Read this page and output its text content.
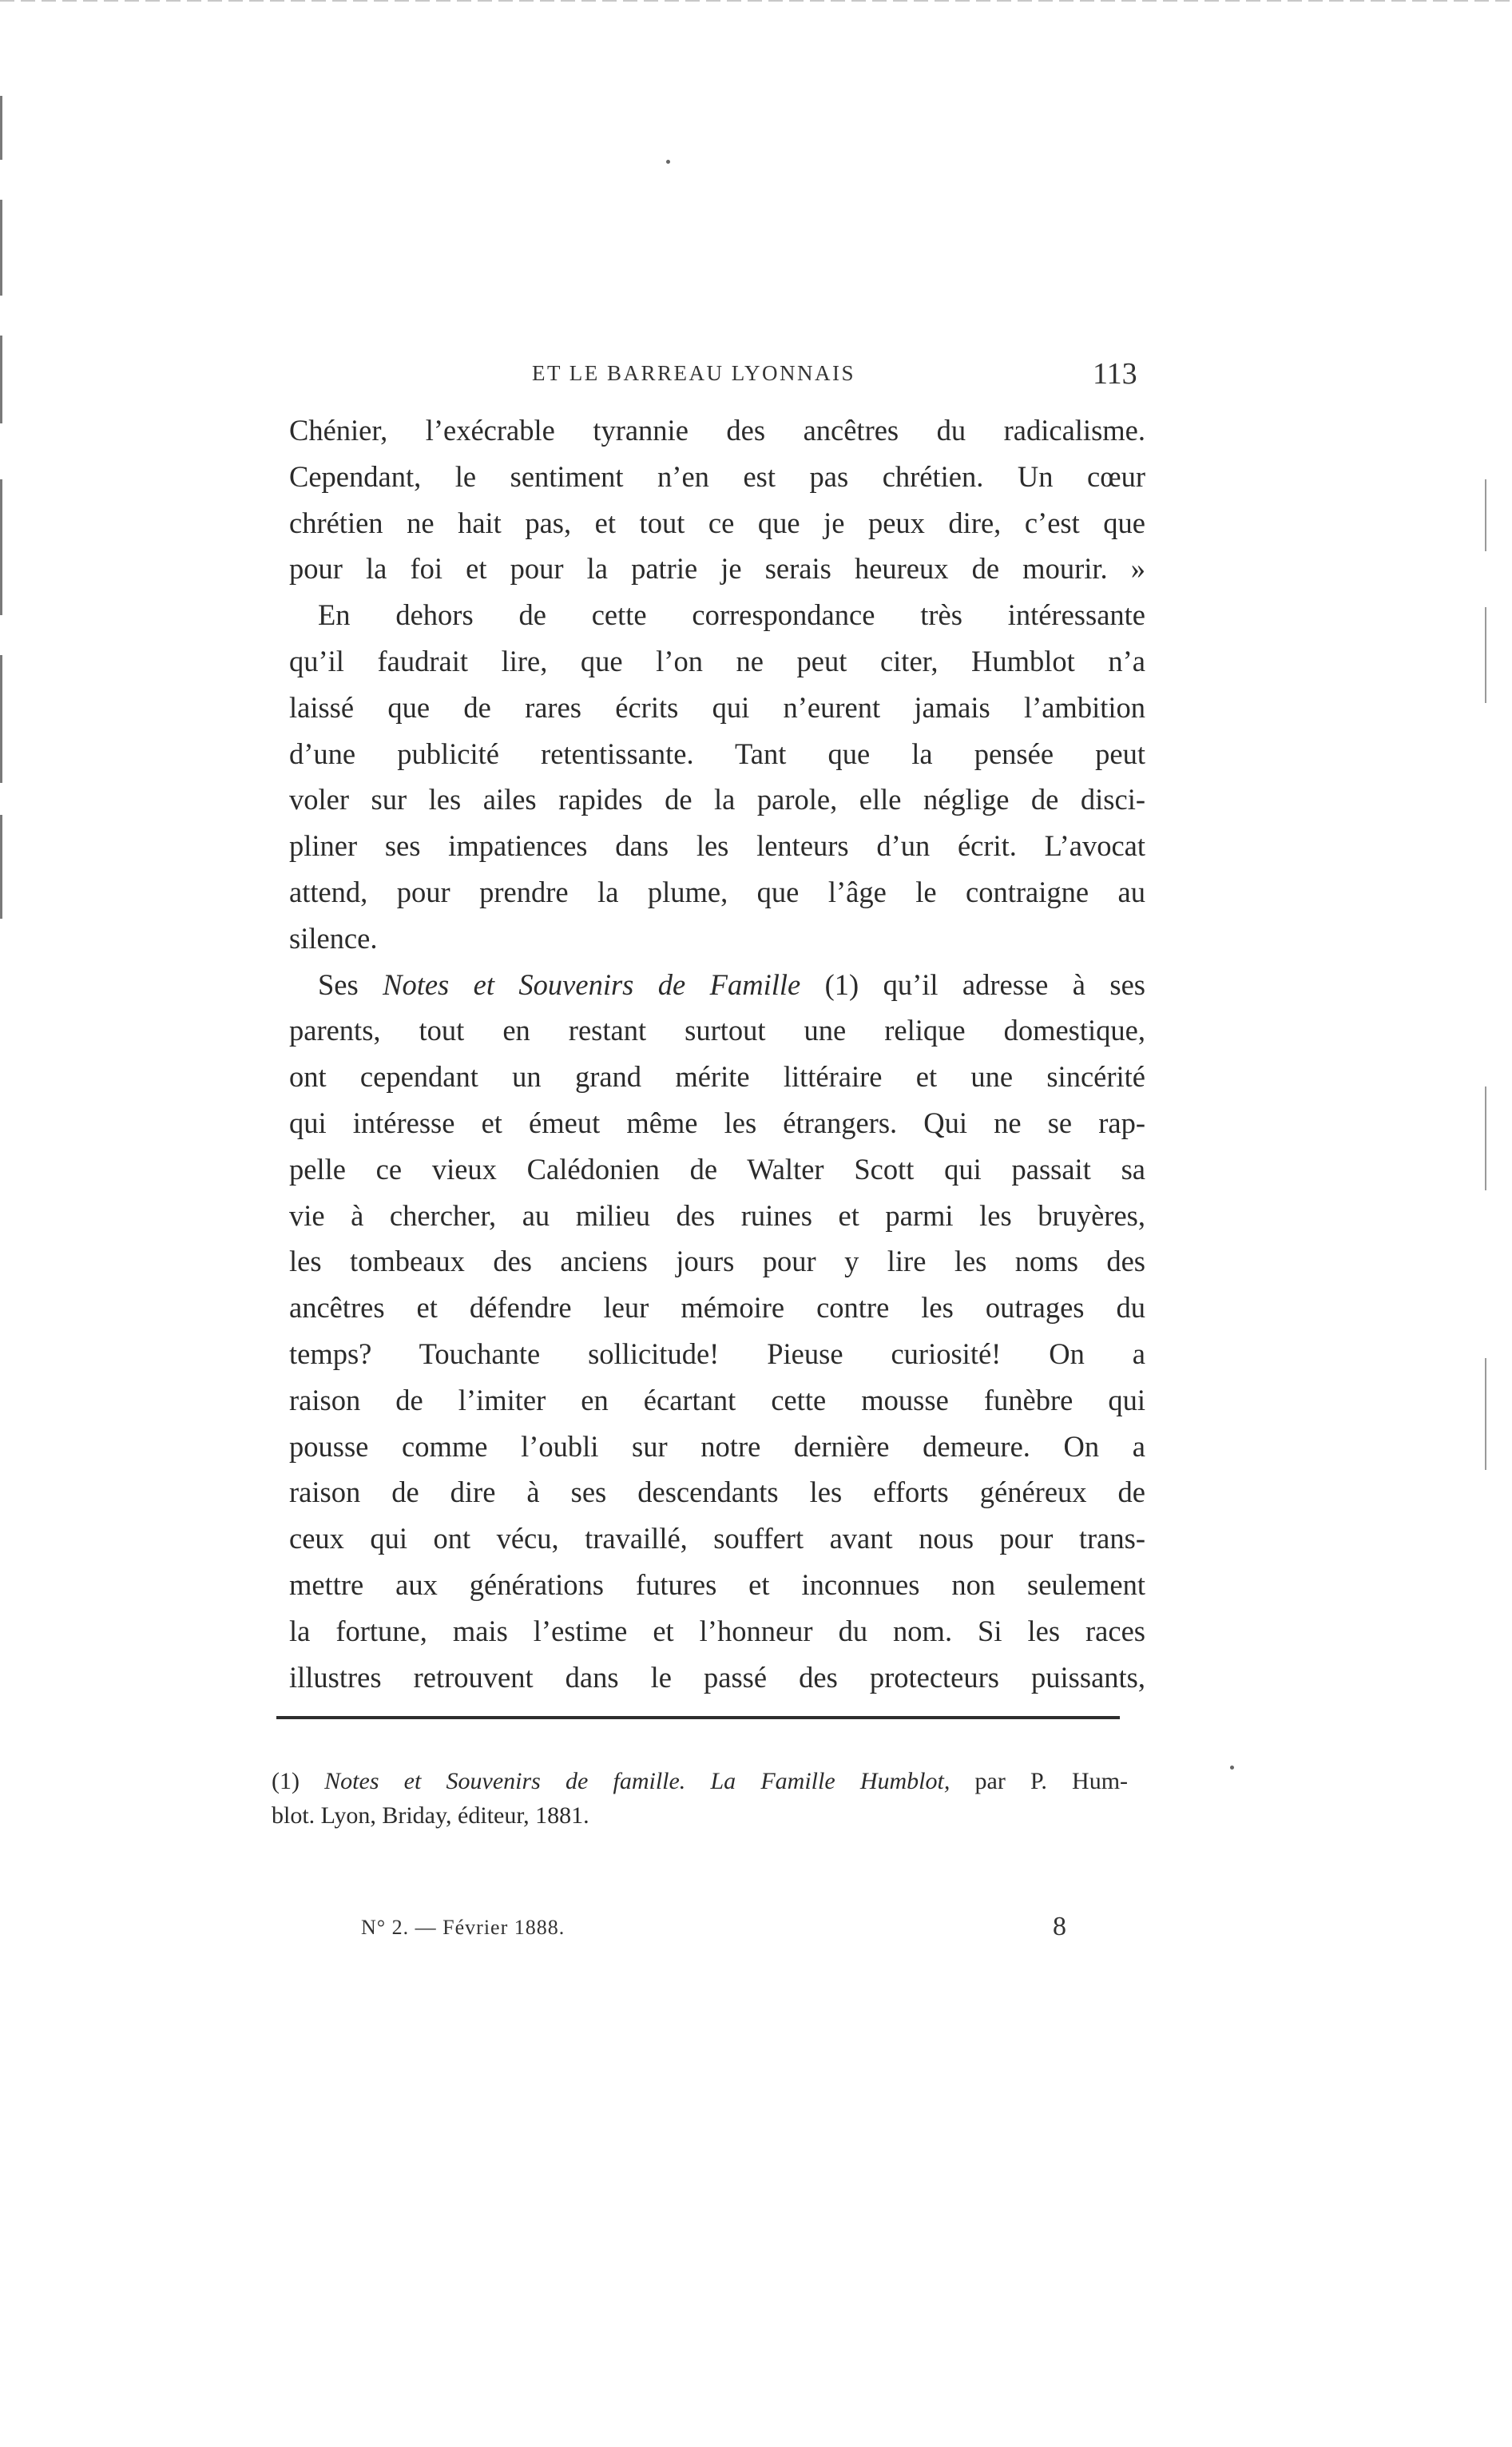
ET LE BARREAU LYONNAIS	113
Chénier, l’exécrable tyrannie des ancêtres du radicalisme.
Cependant, le sentiment n’en est pas chrétien. Un cœur
chrétien ne hait pas, et tout ce que je peux dire, c’est que
pour la foi et pour la patrie je serais heureux de mourir. »
En dehors de cette correspondance très intéressante
qu’il faudrait lire, que l’on ne peut citer, Humblot n’a
laissé que de rares écrits qui n’eurent jamais l’ambition
d’une publicité retentissante. Tant que la pensée peut
voler sur les ailes rapides de la parole, elle néglige de disci-
pliner ses impatiences dans les lenteurs d’un écrit. L’avocat
attend, pour prendre la plume, que l’âge le contraigne au
silence.
Ses Notes et Souvenirs de Famille (1) qu’il adresse à ses
parents, tout en restant surtout une relique domestique,
ont cependant un grand mérite littéraire et une sincérité
qui intéresse et émeut même les étrangers. Qui ne se rap-
pelle ce vieux Calédonien de Walter Scott qui passait sa
vie à chercher, au milieu des ruines et parmi les bruyères,
les tombeaux des anciens jours pour y lire les noms des
ancêtres et défendre leur mémoire contre les outrages du
temps? Touchante sollicitude! Pieuse curiosité! On a
raison de l’imiter en écartant cette mousse funèbre qui
pousse comme l’oubli sur notre dernière demeure. On a
raison de dire à ses descendants les efforts généreux de
ceux qui ont vécu, travaillé, souffert avant nous pour trans-
mettre aux générations futures et inconnues non seulement
la fortune, mais l’estime et l’honneur du nom. Si les races
illustres retrouvent dans le passé des protecteurs puissants,
(1) Notes et Souvenirs de famille. La Famille Humblot, par P. Hum-
blot. Lyon, Briday, éditeur, 1881.
N° 2. — Février 1888.	8
